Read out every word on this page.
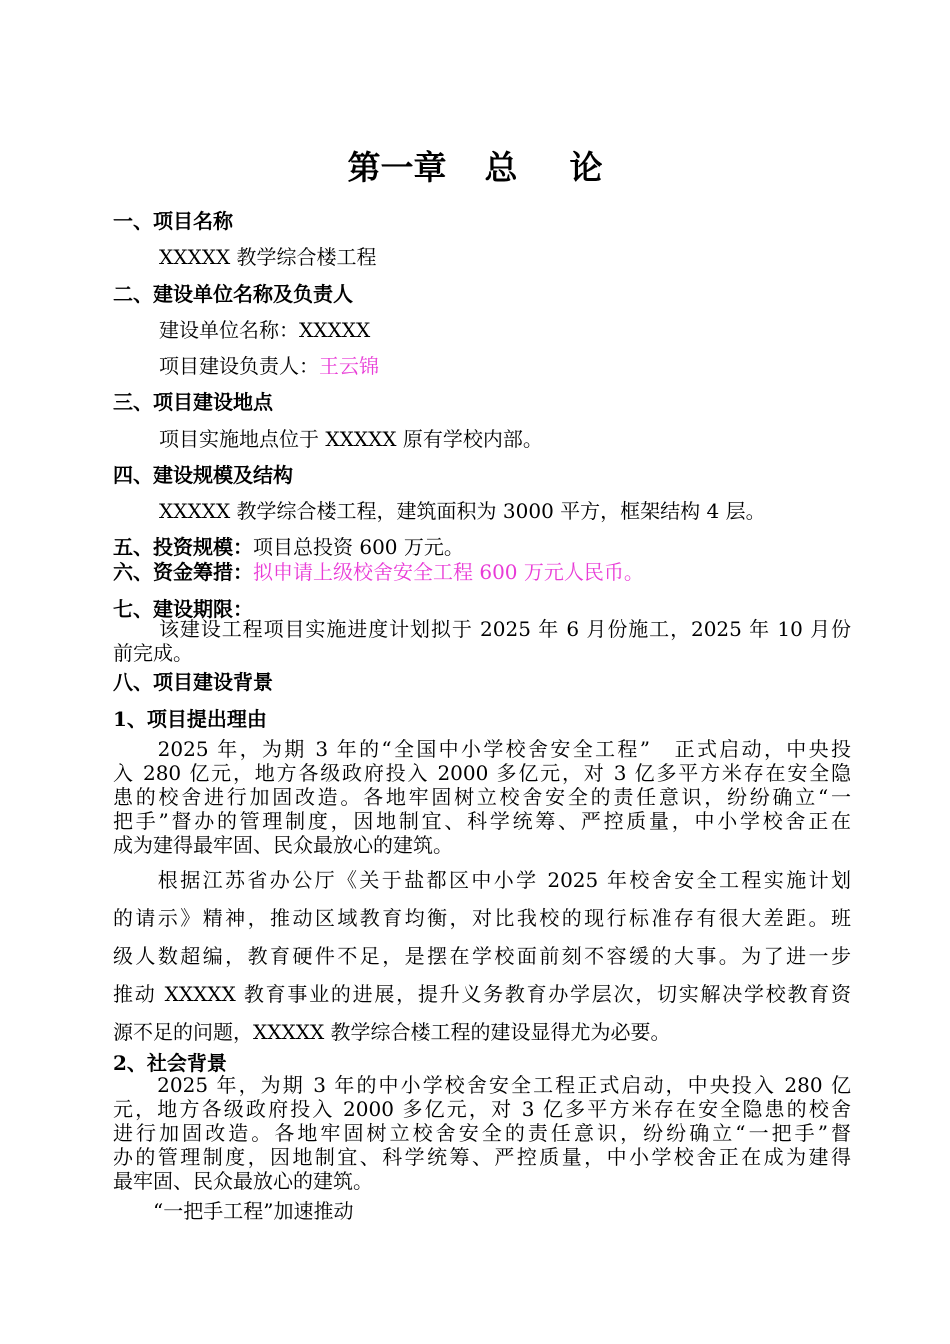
第一章 总 论
一、项目名称
XXXXX 教学综合楼工程
二、建设单位名称及负责人
建设单位名称：XXXXX
项目建设负责人：王云锦
三、项目建设地点
项目实施地点位于 XXXXX 原有学校内部。
四、建设规模及结构
XXXXX 教学综合楼工程，建筑面积为 3000 平方，框架结构 4 层。
五、投资规模：项目总投资 600 万元。
六、资金筹措：拟申请上级校舍安全工程 600 万元人民币。
七、建设期限：
该建设工程项目实施进度计划拟于 2025 年 6 月份施工，2025 年 10 月份
前完成。
八、项目建设背景
1、项目提出理由
　　2025 年，为期 3 年的“全国中小学校舍安全工程”　正式启动，中央投
入 280 亿元，地方各级政府投入 2000 多亿元，对 3 亿多平方米存在安全隐
患的校舍进行加固改造。各地牢固树立校舍安全的责任意识，纷纷确立“一
把手”督办的管理制度，因地制宜、科学统筹、严控质量，中小学校舍正在
成为建得最牢固、民众最放心的建筑。
　　根据江苏省办公厅《关于盐都区中小学 2025 年校舍安全工程实施计划
的请示》精神，推动区域教育均衡，对比我校的现行标准存有很大差距。班
级人数超编，教育硬件不足，是摆在学校面前刻不容缓的大事。为了进一步
推动 XXXXX 教育事业的进展，提升义务教育办学层次，切实解决学校教育资
源不足的问题，XXXXX 教学综合楼工程的建设显得尤为必要。
2、社会背景
　　2025 年，为期 3 年的中小学校舍安全工程正式启动，中央投入 280 亿
元，地方各级政府投入 2000 多亿元，对 3 亿多平方米存在安全隐患的校舍
进行加固改造。各地牢固树立校舍安全的责任意识，纷纷确立“一把手”督
办的管理制度，因地制宜、科学统筹、严控质量，中小学校舍正在成为建得
最牢固、民众最放心的建筑。
　　“一把手工程”加速推动
